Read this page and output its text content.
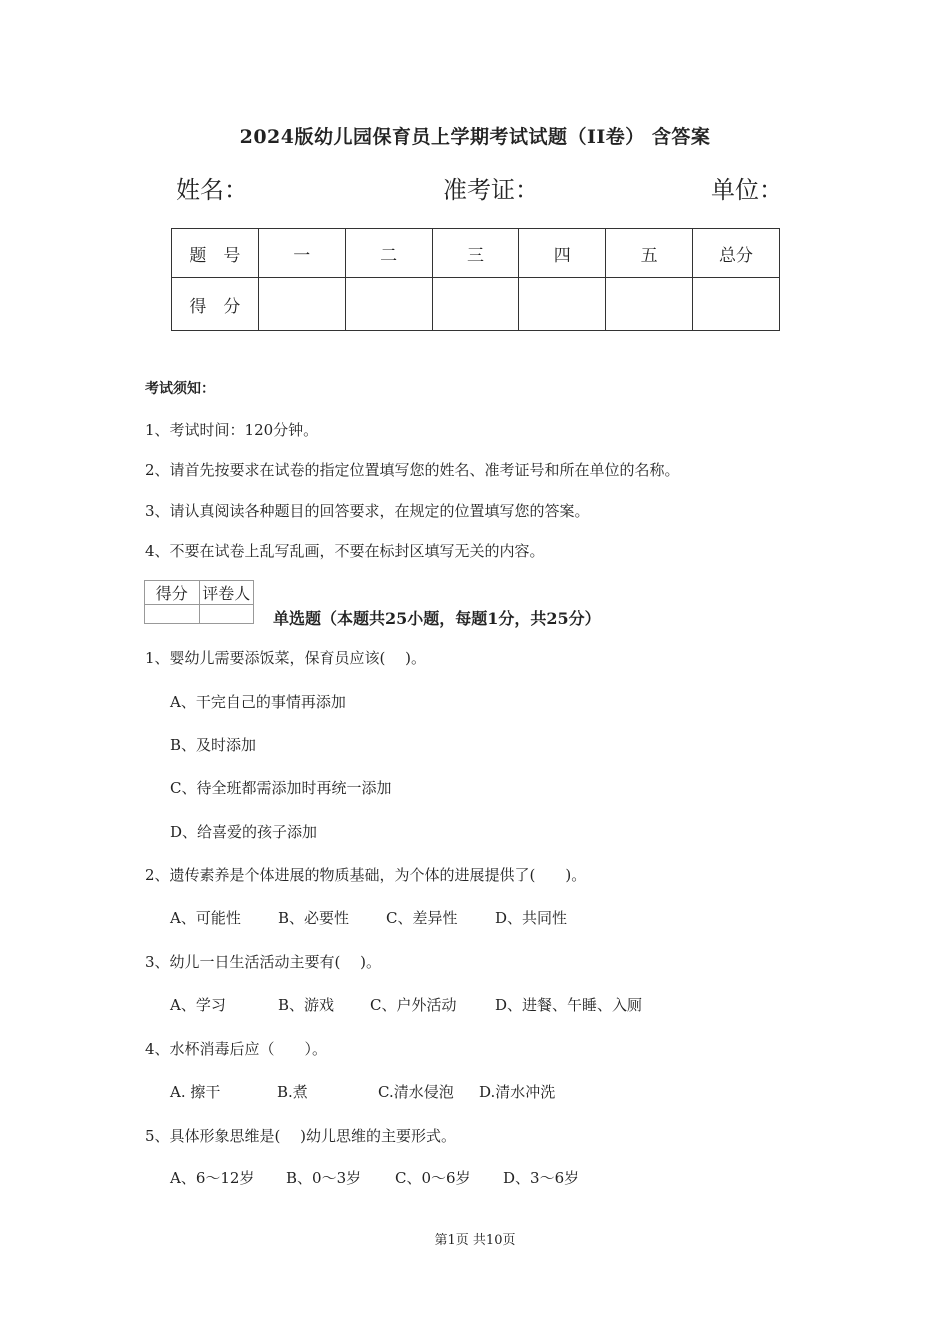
2024版幼儿园保育员上学期考试试题（II卷） 含答案
姓名：	准考证：	单位：
题　号	一	二	三	四	五	总分
得　分						
考试须知：
1、考试时间：120分钟。
2、请首先按要求在试卷的指定位置填写您的姓名、准考证号和所在单位的名称。
3、请认真阅读各种题目的回答要求，在规定的位置填写您的答案。
4、不要在试卷上乱写乱画，不要在标封区填写无关的内容。
得分	评卷人

单选题（本题共25小题，每题1分，共25分）
1、婴幼儿需要添饭菜，保育员应该(　 )。
A、干完自己的事情再添加
B、及时添加
C、待全班都需添加时再统一添加
D、给喜爱的孩子添加
2、遗传素养是个体进展的物质基础，为个体的进展提供了(　　)。
A、可能性 B、必要性 C、差异性	D、共同性
3、幼儿一日生活活动主要有(　 )。
A、学习	B、游戏 C、户外活动	D、进餐、午睡、入厕
4、水杯消毒后应（　　）。
A. 擦干	B.煮	C.清水侵泡 D.清水冲洗
5、具体形象思维是(　 )幼儿思维的主要形式。
A、6～12岁 B、0～3岁 C、0～6岁 D、3～6岁
第1页 共10页
